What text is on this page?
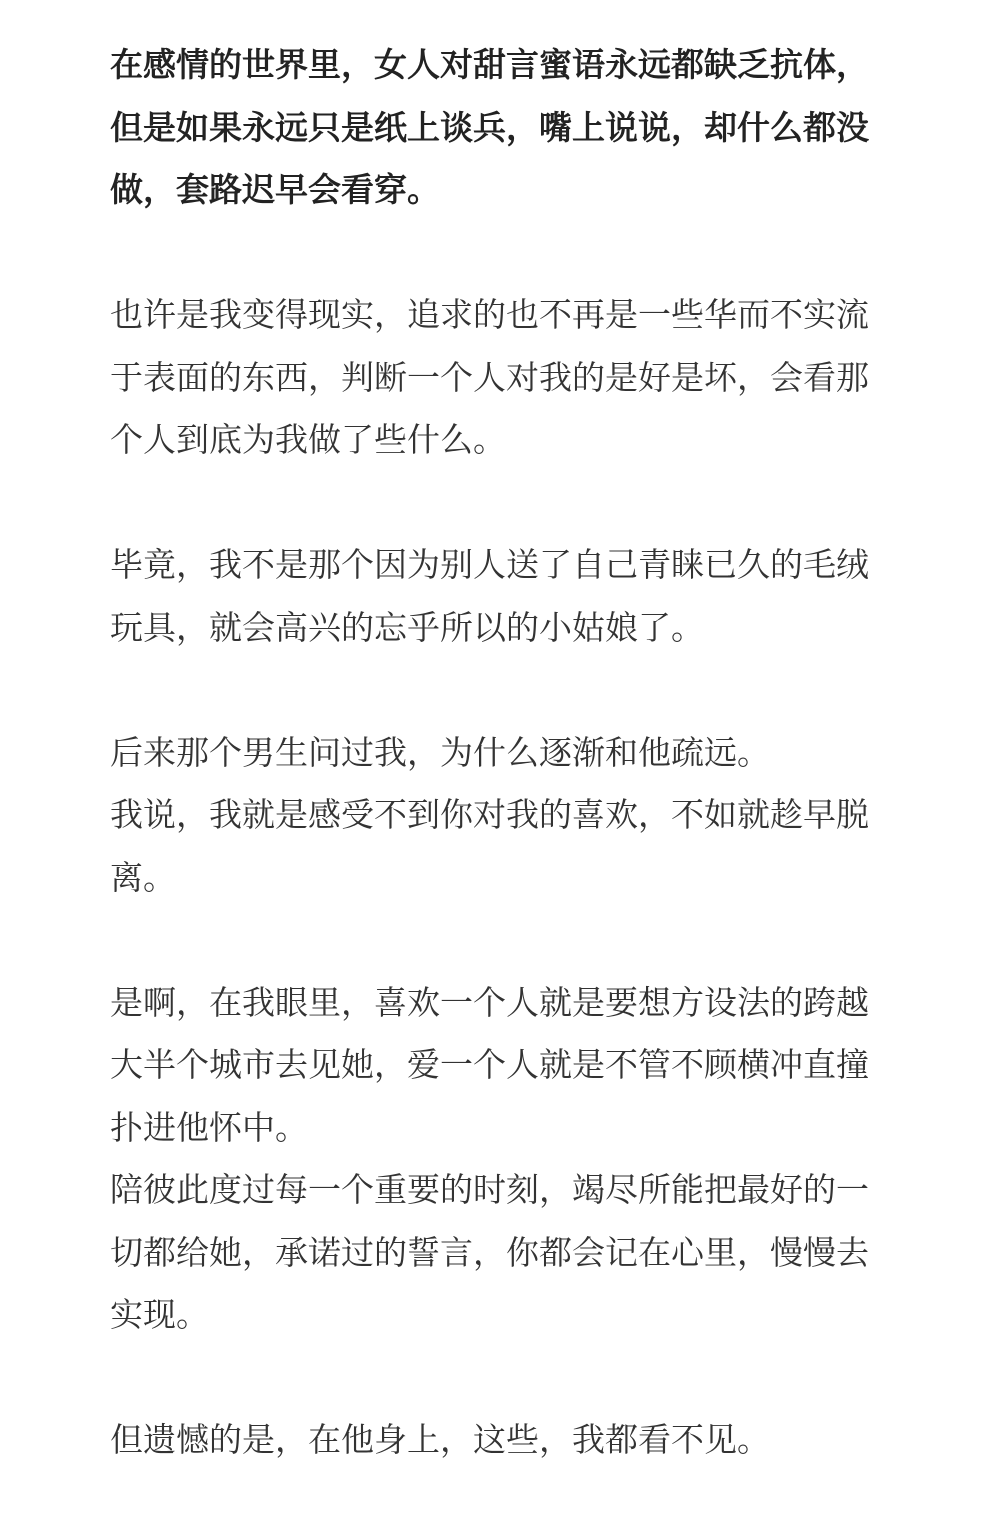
在感情的世界里，女人对甜言蜜语永远都缺乏抗体，
但是如果永远只是纸上谈兵，嘴上说说，却什么都没
做，套路迟早会看穿。

也许是我变得现实，追求的也不再是一些华而不实流
于表面的东西，判断一个人对我的是好是坏，会看那
个人到底为我做了些什么。

毕竟，我不是那个因为别人送了自己青睐已久的毛绒
玩具，就会高兴的忘乎所以的小姑娘了。

后来那个男生问过我，为什么逐渐和他疏远。
我说，我就是感受不到你对我的喜欢，不如就趁早脱
离。

是啊，在我眼里，喜欢一个人就是要想方设法的跨越
大半个城市去见她，爱一个人就是不管不顾横冲直撞
扑进他怀中。
陪彼此度过每一个重要的时刻，竭尽所能把最好的一
切都给她，承诺过的誓言，你都会记在心里，慢慢去
实现。

但遗憾的是，在他身上，这些，我都看不见。
